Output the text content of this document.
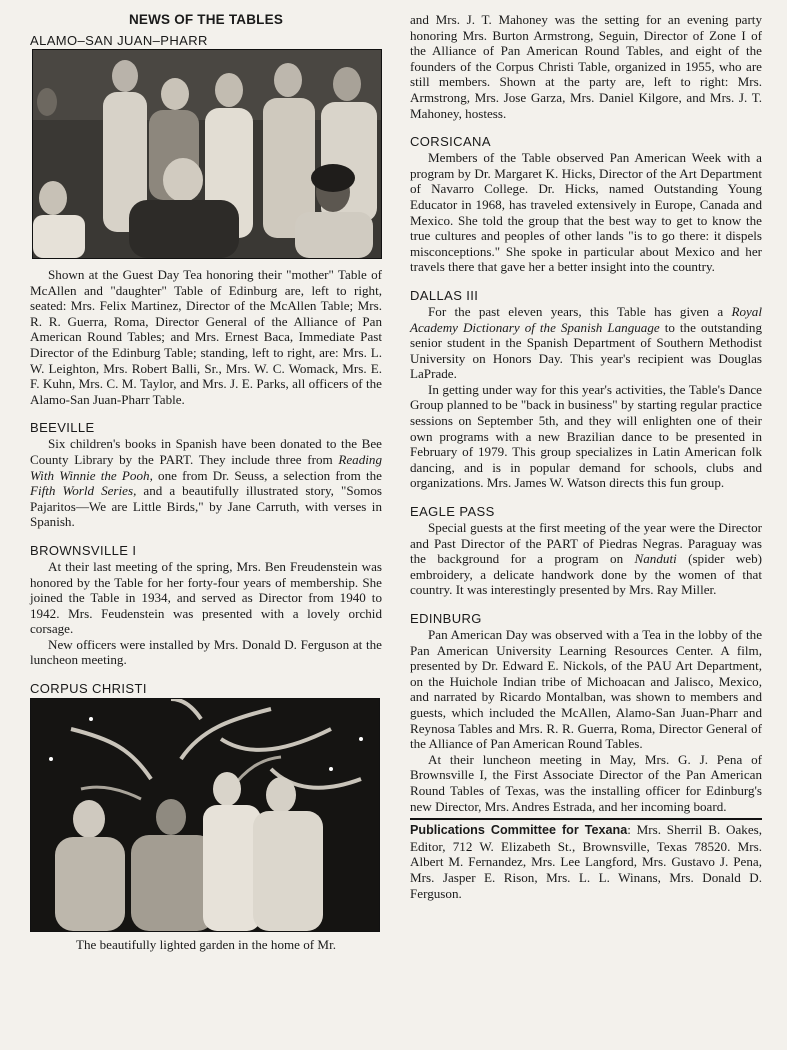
NEWS OF THE TABLES
ALAMO–SAN JUAN–PHARR

Shown at the Guest Day Tea honoring their "mother" Table of McAllen and "daughter" Table of Edinburg are, left to right, seated: Mrs. Felix Martinez, Director of the McAllen Table; Mrs. R. R. Guerra, Roma, Director General of the Alliance of Pan American Round Tables; and Mrs. Ernest Baca, Immediate Past Director of the Edinburg Table; standing, left to right, are: Mrs. L. W. Leighton, Mrs. Robert Balli, Sr., Mrs. W. C. Womack, Mrs. E. F. Kuhn, Mrs. C. M. Taylor, and Mrs. J. E. Parks, all officers of the Alamo-San Juan-Pharr Table.

BEEVILLE

Six children's books in Spanish have been donated to the Bee County Library by the PART. They include three from Reading With Winnie the Pooh, one from Dr. Seuss, a selection from the Fifth World Series, and a beautifully illustrated story, "Somos Pajaritos—We are Little Birds," by Jane Carruth, with verses in Spanish.

BROWNSVILLE I

At their last meeting of the spring, Mrs. Ben Freudenstein was honored by the Table for her forty-four years of membership. She joined the Table in 1934, and served as Director from 1940 to 1942. Mrs. Feudenstein was presented with a lovely orchid corsage.

New officers were installed by Mrs. Donald D. Ferguson at the luncheon meeting.

CORPUS CHRISTI

The beautifully lighted garden in the home of Mr.

and Mrs. J. T. Mahoney was the setting for an evening party honoring Mrs. Burton Armstrong, Seguin, Director of Zone I of the Alliance of Pan American Round Tables, and eight of the founders of the Corpus Christi Table, organized in 1955, who are still members. Shown at the party are, left to right: Mrs. Armstrong, Mrs. Jose Garza, Mrs. Daniel Kilgore, and Mrs. J. T. Mahoney, hostess.

CORSICANA

Members of the Table observed Pan American Week with a program by Dr. Margaret K. Hicks, Director of the Art Department of Navarro College. Dr. Hicks, named Outstanding Young Educator in 1968, has traveled extensively in Europe, Canada and Mexico. She told the group that the best way to get to know the true cultures and peoples of other lands "is to go there: it dispels misconceptions." She spoke in particular about Mexico and her travels there that gave her a better insight into the country.

DALLAS III

For the past eleven years, this Table has given a Royal Academy Dictionary of the Spanish Language to the outstanding senior student in the Spanish Department of Southern Methodist University on Honors Day. This year's recipient was Douglas LaPrade.

In getting under way for this year's activities, the Table's Dance Group planned to be "back in business" by starting regular practice sessions on September 5th, and they will enlighten one of their own programs with a new Brazilian dance to be presented in February of 1979. This group specializes in Latin American folk dancing, and is in popular demand for schools, clubs and organizations. Mrs. James W. Watson directs this fun group.

EAGLE PASS

Special guests at the first meeting of the year were the Director and Past Director of the PART of Piedras Negras. Paraguay was the background for a program on Nanduti (spider web) embroidery, a delicate handwork done by the women of that country. It was interestingly presented by Mrs. Ray Miller.

EDINBURG

Pan American Day was observed with a Tea in the lobby of the Pan American University Learning Resources Center. A film, presented by Dr. Edward E. Nickols, of the PAU Art Department, on the Huichole Indian tribe of Michoacan and Jalisco, Mexico, and narrated by Ricardo Montalban, was shown to members and guests, which included the McAllen, Alamo-San Juan-Pharr and Reynosa Tables and Mrs. R. R. Guerra, Roma, Director General of the Alliance of Pan American Round Tables.

At their luncheon meeting in May, Mrs. G. J. Pena of Brownsville I, the First Associate Director of the Pan American Round Tables of Texas, was the installing officer for Edinburg's new Director, Mrs. Andres Estrada, and her incoming board.

Publications Committee for Texana: Mrs. Sherril B. Oakes, Editor, 712 W. Elizabeth St., Brownsville, Texas 78520. Mrs. Albert M. Fernandez, Mrs. Lee Langford, Mrs. Gustavo J. Pena, Mrs. Jasper E. Rison, Mrs. L. L. Winans, Mrs. Donald D. Ferguson.
